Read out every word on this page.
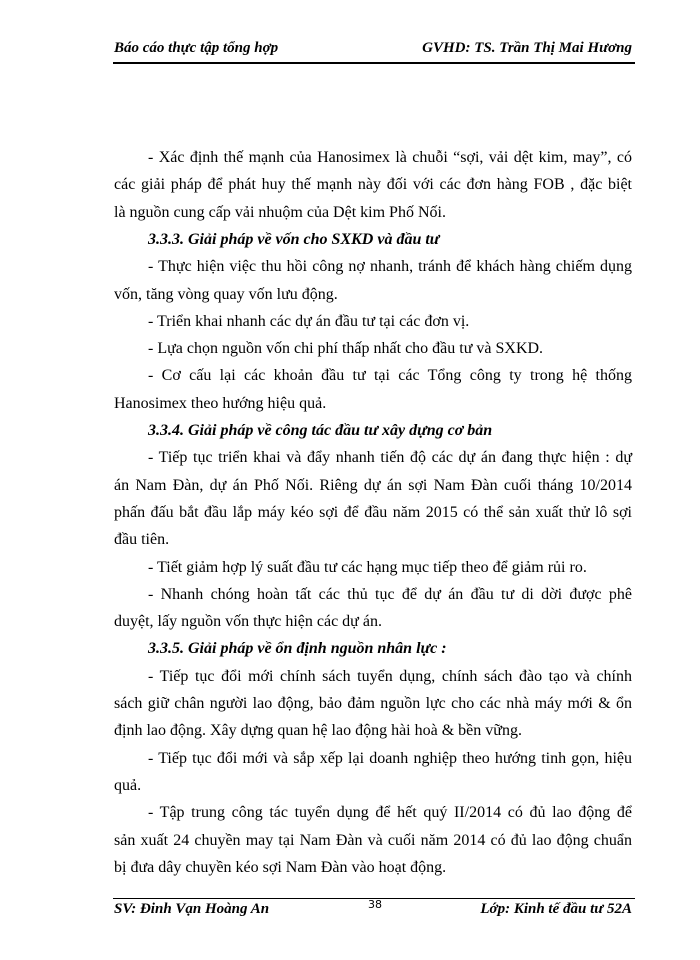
Báo cáo thực tập tổng hợp	GVHD: TS. Trần Thị Mai Hương
- Xác định thế mạnh của Hanosimex là chuỗi “sợi, vải dệt kim, may”, có
các giải pháp để phát huy thế mạnh này đối với các đơn hàng FOB , đặc biệt
là nguồn cung cấp vải nhuộm của Dệt kim Phố Nối.
3.3.3. Giải pháp về vốn cho SXKD và đầu tư
- Thực hiện việc thu hồi công nợ nhanh, tránh để khách hàng chiếm dụng
vốn, tăng vòng quay vốn lưu động.
- Triển khai nhanh các dự án đầu tư tại các đơn vị.
- Lựa chọn nguồn vốn chi phí thấp nhất cho đầu tư và SXKD.
- Cơ cấu lại các khoản đầu tư tại các Tổng công ty trong hệ thống
Hanosimex theo hướng hiệu quả.
3.3.4. Giải pháp về công tác đầu tư xây dựng cơ bản
- Tiếp tục triển khai và đẩy nhanh tiến độ các dự án đang thực hiện : dự
án Nam Đàn, dự án Phố Nối. Riêng dự án sợi Nam Đàn cuối tháng 10/2014
phấn đấu bắt đầu lắp máy kéo sợi để đầu năm 2015 có thể sản xuất thử lô sợi
đầu tiên.
- Tiết giảm hợp lý suất đầu tư các hạng mục tiếp theo để giảm rủi ro.
- Nhanh chóng hoàn tất các thủ tục để dự án đầu tư di dời được phê
duyệt, lấy nguồn vốn thực hiện các dự án.
3.3.5. Giải pháp về ổn định nguồn nhân lực :
- Tiếp tục đổi mới chính sách tuyển dụng, chính sách đào tạo và chính
sách giữ chân người lao động, bảo đảm nguồn lực cho các nhà máy mới & ổn
định lao động. Xây dựng quan hệ lao động hài hoà & bền vững.
- Tiếp tục đổi mới và sắp xếp lại doanh nghiệp theo hướng tinh gọn, hiệu
quả.
- Tập trung công tác tuyển dụng để hết quý II/2014 có đủ lao động để
sản xuất 24 chuyền may tại Nam Đàn và cuối năm 2014 có đủ lao động chuẩn
bị đưa dây chuyền kéo sợi Nam Đàn vào hoạt động.
SV: Đinh Vạn Hoàng An	38	Lớp: Kinh tế đầu tư 52A
